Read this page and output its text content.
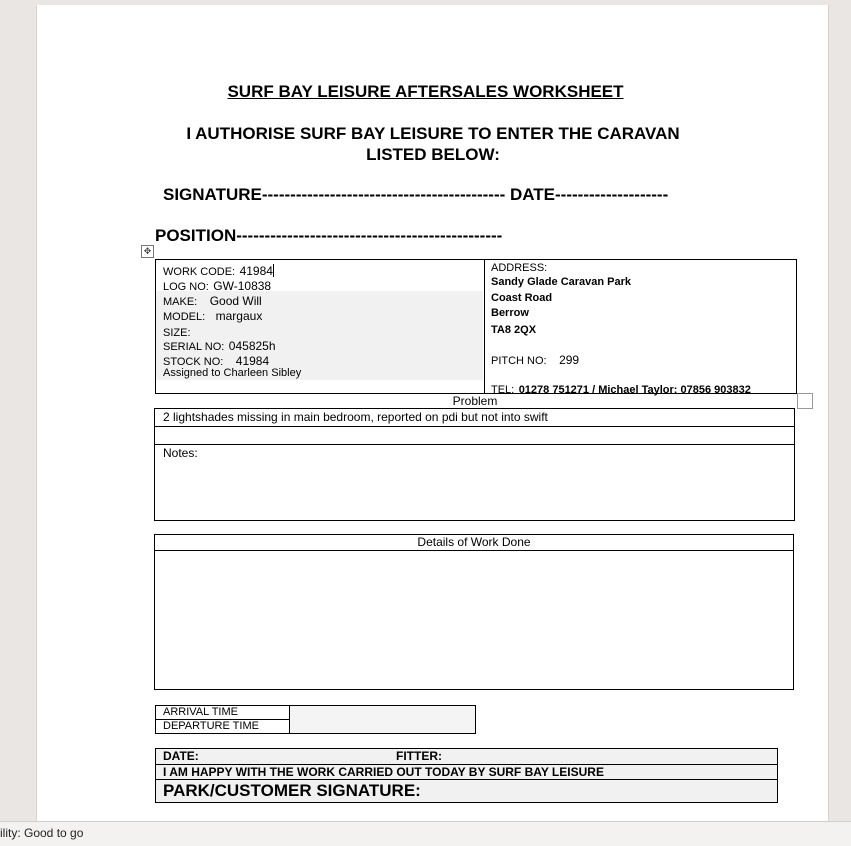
SURF BAY LEISURE AFTERSALES WORKSHEET
I AUTHORISE SURF BAY LEISURE TO ENTER THE CARAVAN
LISTED BELOW:
SIGNATURE------------------------------------------- DATE--------------------
POSITION-----------------------------------------------
✥
WORK CODE: 41984
LOG NO: GW-10838
MAKE: Good Will
MODEL: margaux
SIZE:
SERIAL NO: 045825h
STOCK NO: 41984
Assigned to Charleen Sibley
ADDRESS:
Sandy Glade Caravan Park
Coast Road
Berrow
TA8 2QX
PITCH NO: 299
TEL: 01278 751271 / Michael Taylor: 07856 903832
Problem
2 lightshades missing in main bedroom, reported on pdi but not into swift
Notes:
Details of Work Done
ARRIVAL TIME
DEPARTURE TIME
DATE:	FITTER:
I AM HAPPY WITH THE WORK CARRIED OUT TODAY BY SURF BAY LEISURE
PARK/CUSTOMER SIGNATURE:
ility: Good to go
